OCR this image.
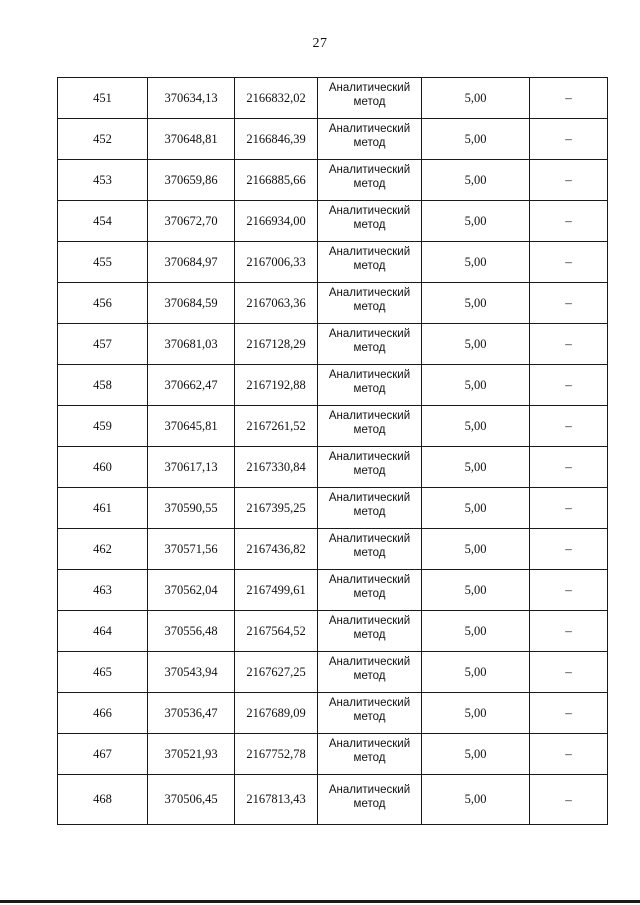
27
451	370634,13	2166832,02	Аналитический
метод	5,00	–
452	370648,81	2166846,39	Аналитический
метод	5,00	–
453	370659,86	2166885,66	Аналитический
метод	5,00	–
454	370672,70	2166934,00	Аналитический
метод	5,00	–
455	370684,97	2167006,33	Аналитический
метод	5,00	–
456	370684,59	2167063,36	Аналитический
метод	5,00	–
457	370681,03	2167128,29	Аналитический
метод	5,00	–
458	370662,47	2167192,88	Аналитический
метод	5,00	–
459	370645,81	2167261,52	Аналитический
метод	5,00	–
460	370617,13	2167330,84	Аналитический
метод	5,00	–
461	370590,55	2167395,25	Аналитический
метод	5,00	–
462	370571,56	2167436,82	Аналитический
метод	5,00	–
463	370562,04	2167499,61	Аналитический
метод	5,00	–
464	370556,48	2167564,52	Аналитический
метод	5,00	–
465	370543,94	2167627,25	Аналитический
метод	5,00	–
466	370536,47	2167689,09	Аналитический
метод	5,00	–
467	370521,93	2167752,78	Аналитический
метод	5,00	–
468	370506,45	2167813,43	Аналитический
метод	5,00	–
